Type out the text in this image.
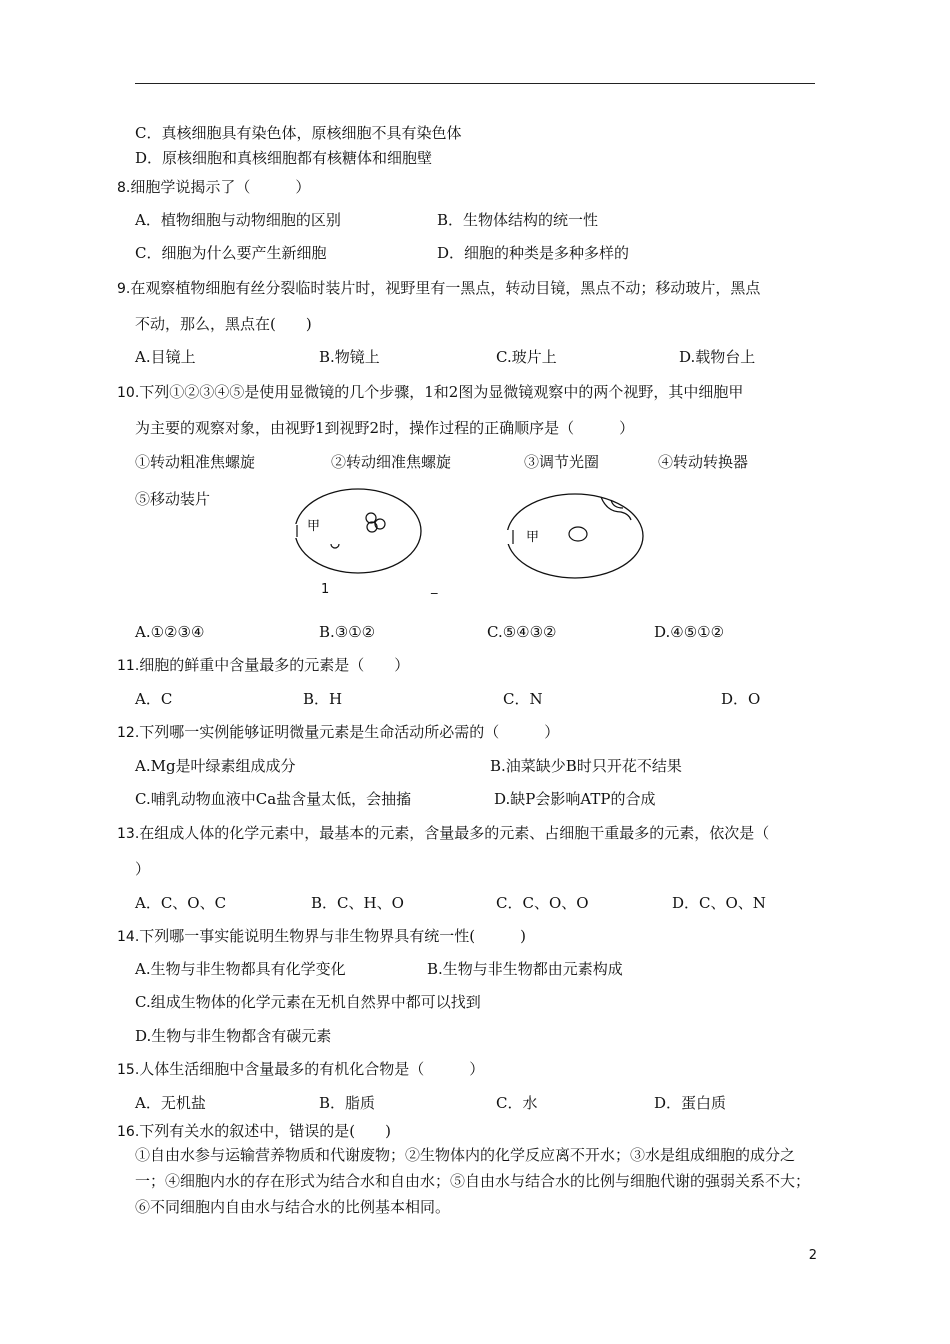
C．真核细胞具有染色体，原核细胞不具有染色体
D．原核细胞和真核细胞都有核糖体和细胞壁
8.细胞学说揭示了（　　　）
A．植物细胞与动物细胞的区别	B．生物体结构的统一性
C．细胞为什么要产生新细胞	D．细胞的种类是多种多样的
9.在观察植物细胞有丝分裂临时装片时，视野里有一黑点，转动目镜，黑点不动；移动玻片，黑点
不动，那么，黑点在(　　)
A.目镜上	B.物镜上	C.玻片上	D.载物台上
10.下列①②③④⑤是使用显微镜的几个步骤，1和2图为显微镜观察中的两个视野，其中细胞甲
为主要的观察对象，由视野1到视野2时，操作过程的正确顺序是（　　　）
①转动粗准焦螺旋	②转动细准焦螺旋	③调节光圈	④转动转换器
⑤移动装片
甲
甲
1	_
A.①②③④	B.③①②	C.⑤④③②	D.④⑤①②
11.细胞的鲜重中含量最多的元素是（　　）
A．C	B．H	C．N	D．O
12.下列哪一实例能够证明微量元素是生命活动所必需的（　　　）
A.Mg是叶绿素组成成分	B.油菜缺少B时只开花不结果
C.哺乳动物血液中Ca盐含量太低，会抽搐	D.缺P会影响ATP的合成
13.在组成人体的化学元素中，最基本的元素，含量最多的元素、占细胞干重最多的元素，依次是（
）
A．C、O、C	B．C、H、O	C．C、O、O	D．C、O、N
14.下列哪一事实能说明生物界与非生物界具有统一性(　　　)
A.生物与非生物都具有化学变化	B.生物与非生物都由元素构成
C.组成生物体的化学元素在无机自然界中都可以找到
D.生物与非生物都含有碳元素
15.人体生活细胞中含量最多的有机化合物是（　　　）
A．无机盐	B．脂质	C．水	D．蛋白质
16.下列有关水的叙述中，错误的是(　　)
①自由水参与运输营养物质和代谢废物；②生物体内的化学反应离不开水；③水是组成细胞的成分之一；④细胞内水的存在形式为结合水和自由水；⑤自由水与结合水的比例与细胞代谢的强弱关系不大；⑥不同细胞内自由水与结合水的比例基本相同。
2
